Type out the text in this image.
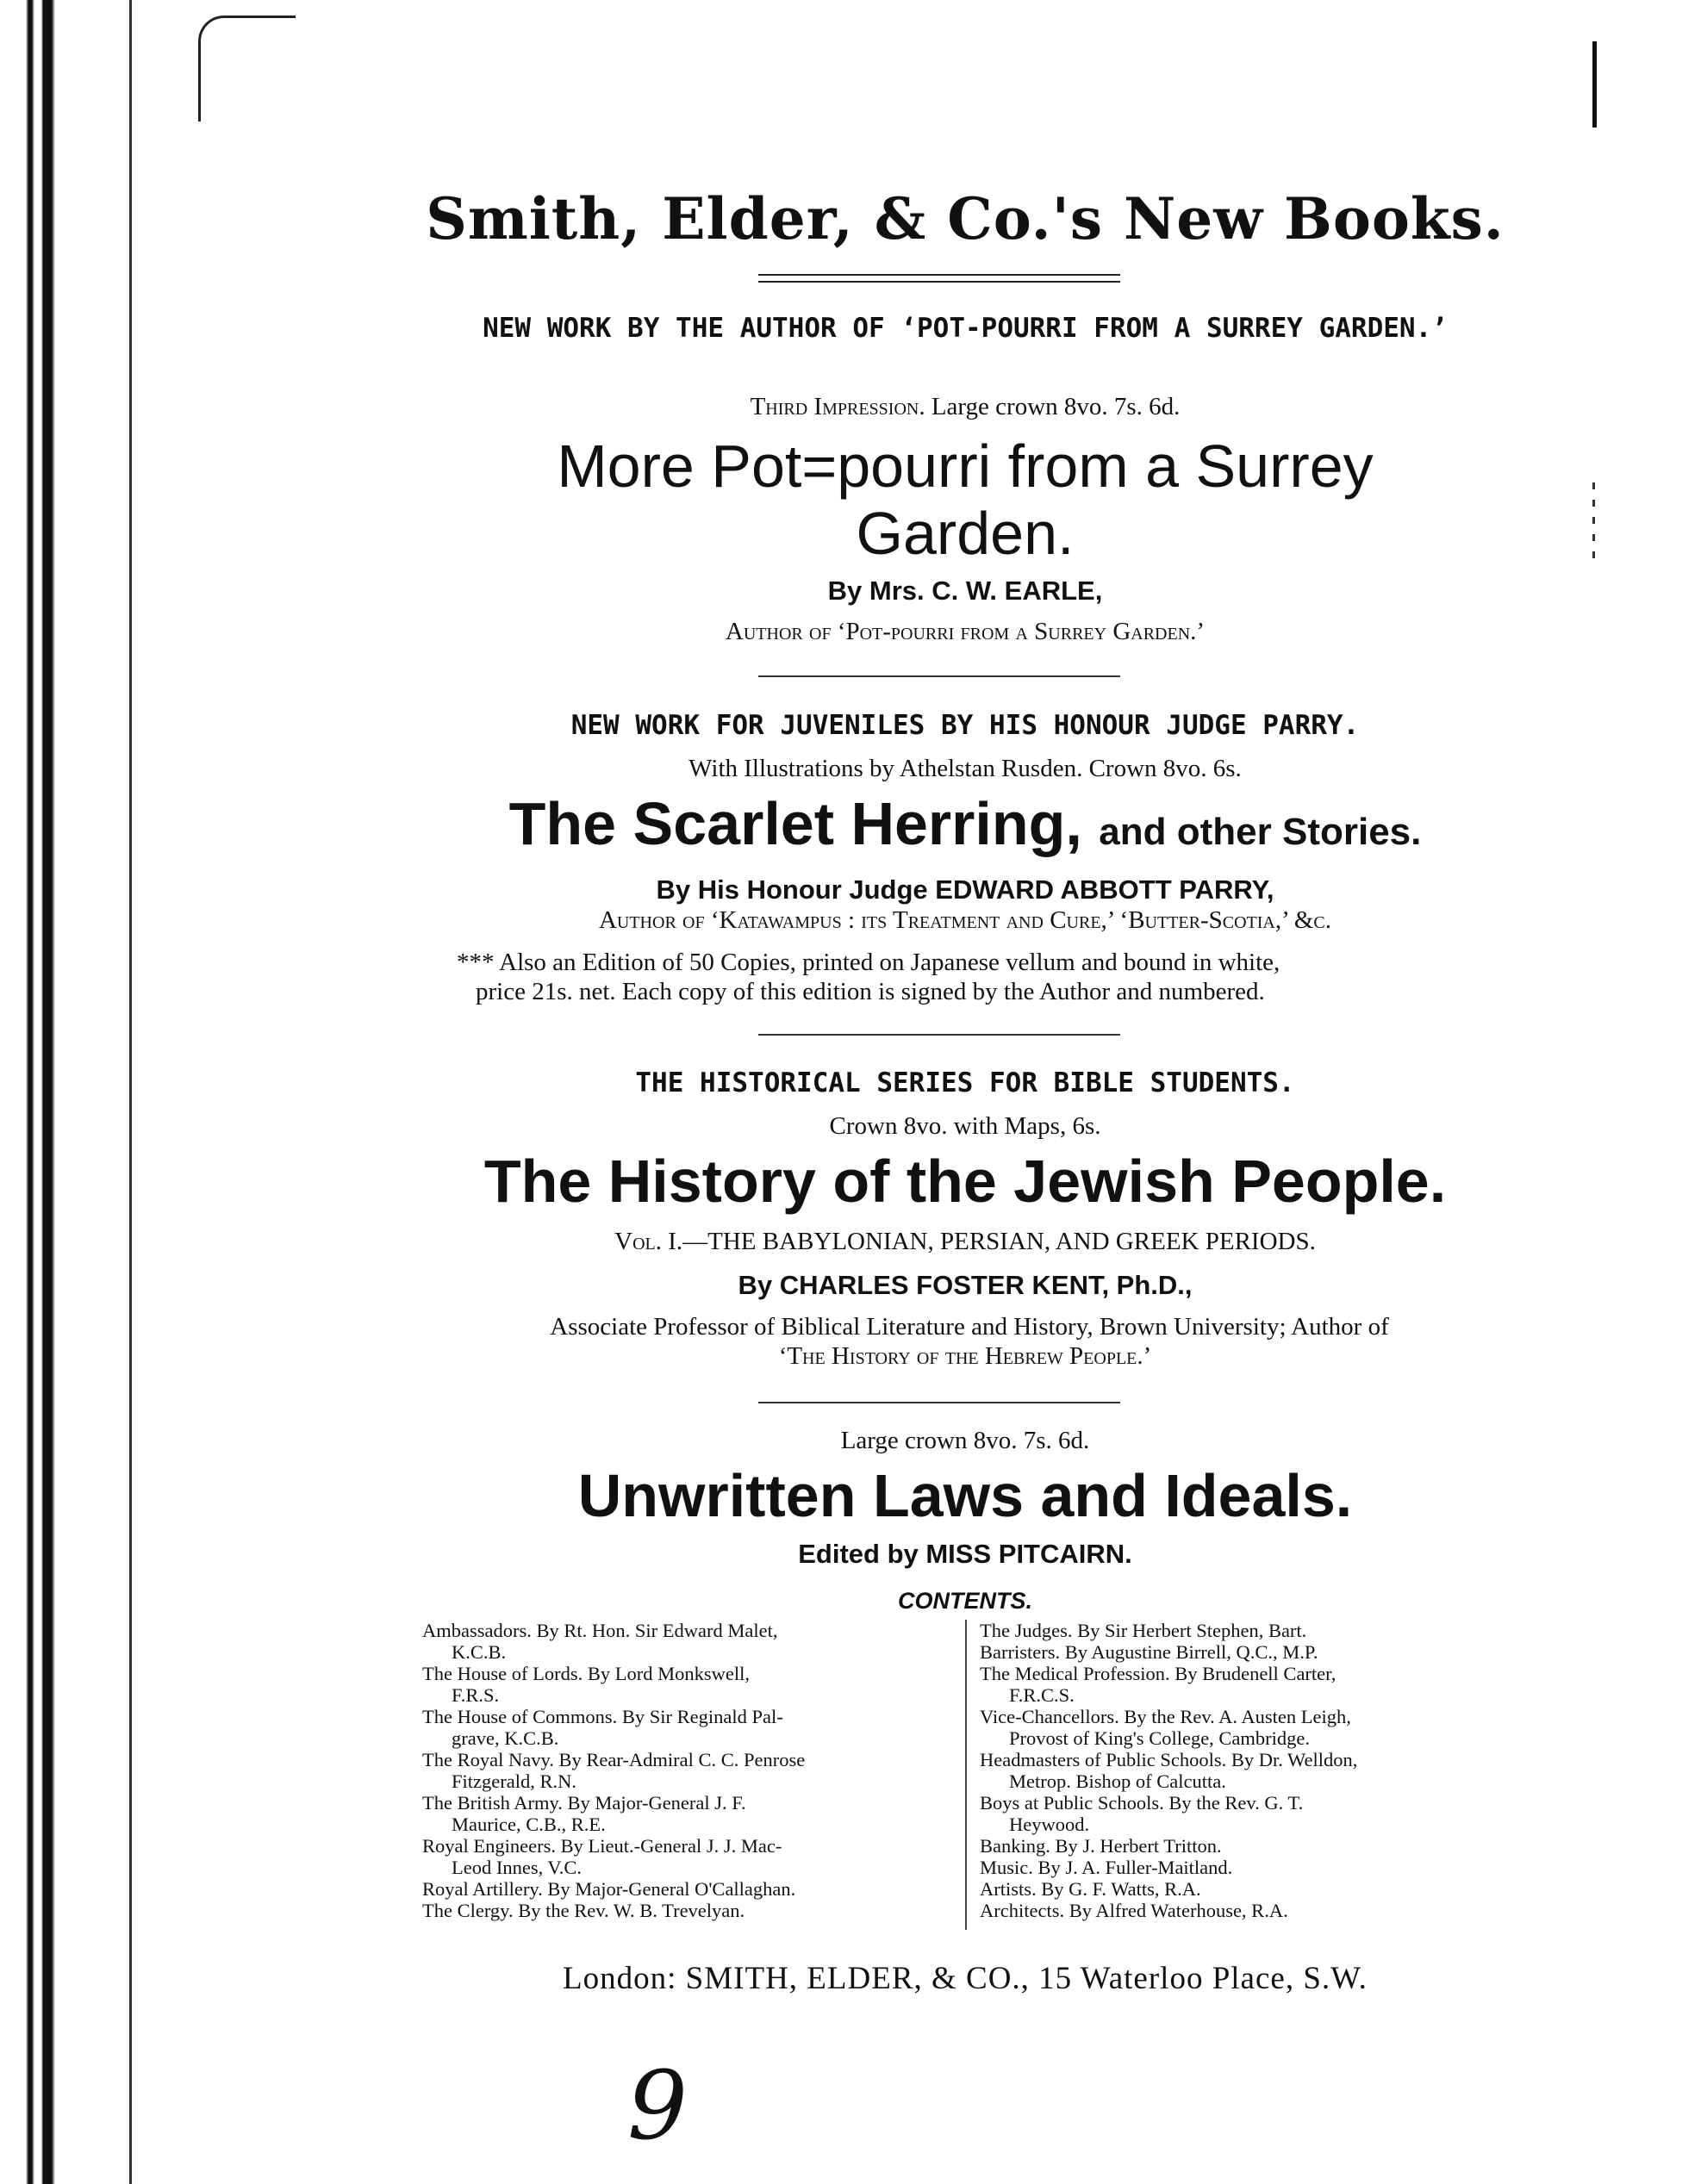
Smith, Elder, & Co.'s New Books.
NEW WORK BY THE AUTHOR OF ‘POT-POURRI FROM A SURREY GARDEN.’
Third Impression. Large crown 8vo. 7s. 6d.
More Pot=pourri from a Surrey
Garden.
By Mrs. C. W. EARLE,
Author of ‘Pot-pourri from a Surrey Garden.’
NEW WORK FOR JUVENILES BY HIS HONOUR JUDGE PARRY.
With Illustrations by Athelstan Rusden. Crown 8vo. 6s.
The Scarlet Herring, and other Stories.
By His Honour Judge EDWARD ABBOTT PARRY,
Author of ‘Katawampus : its Treatment and Cure,’ ‘Butter-Scotia,’ &c.
*** Also an Edition of 50 Copies, printed on Japanese vellum and bound in white,
price 21s. net. Each copy of this edition is signed by the Author and numbered.
THE HISTORICAL SERIES FOR BIBLE STUDENTS.
Crown 8vo. with Maps, 6s.
The History of the Jewish People.
Vol. I.—THE BABYLONIAN, PERSIAN, AND GREEK PERIODS.
By CHARLES FOSTER KENT, Ph.D.,
Associate Professor of Biblical Literature and History, Brown University; Author of
‘The History of the Hebrew People.’
Large crown 8vo. 7s. 6d.
Unwritten Laws and Ideals.
Edited by MISS PITCAIRN.
CONTENTS.

Ambassadors. By Rt. Hon. Sir Edward Malet,

K.C.B.

The House of Lords. By Lord Monkswell,

F.R.S.

The House of Commons. By Sir Reginald Pal-

grave, K.C.B.

The Royal Navy. By Rear-Admiral C. C. Penrose

Fitzgerald, R.N.

The British Army. By Major-General J. F.

Maurice, C.B., R.E.

Royal Engineers. By Lieut.-General J. J. Mac-

Leod Innes, V.C.

Royal Artillery. By Major-General O'Callaghan.

The Clergy. By the Rev. W. B. Trevelyan.

The Judges. By Sir Herbert Stephen, Bart.

Barristers. By Augustine Birrell, Q.C., M.P.

The Medical Profession. By Brudenell Carter,

F.R.C.S.

Vice-Chancellors. By the Rev. A. Austen Leigh,

Provost of King's College, Cambridge.

Headmasters of Public Schools. By Dr. Welldon,

Metrop. Bishop of Calcutta.

Boys at Public Schools. By the Rev. G. T.

Heywood.

Banking. By J. Herbert Tritton.

Music. By J. A. Fuller-Maitland.

Artists. By G. F. Watts, R.A.

Architects. By Alfred Waterhouse, R.A.

London: SMITH, ELDER, & CO., 15 Waterloo Place, S.W.
9
